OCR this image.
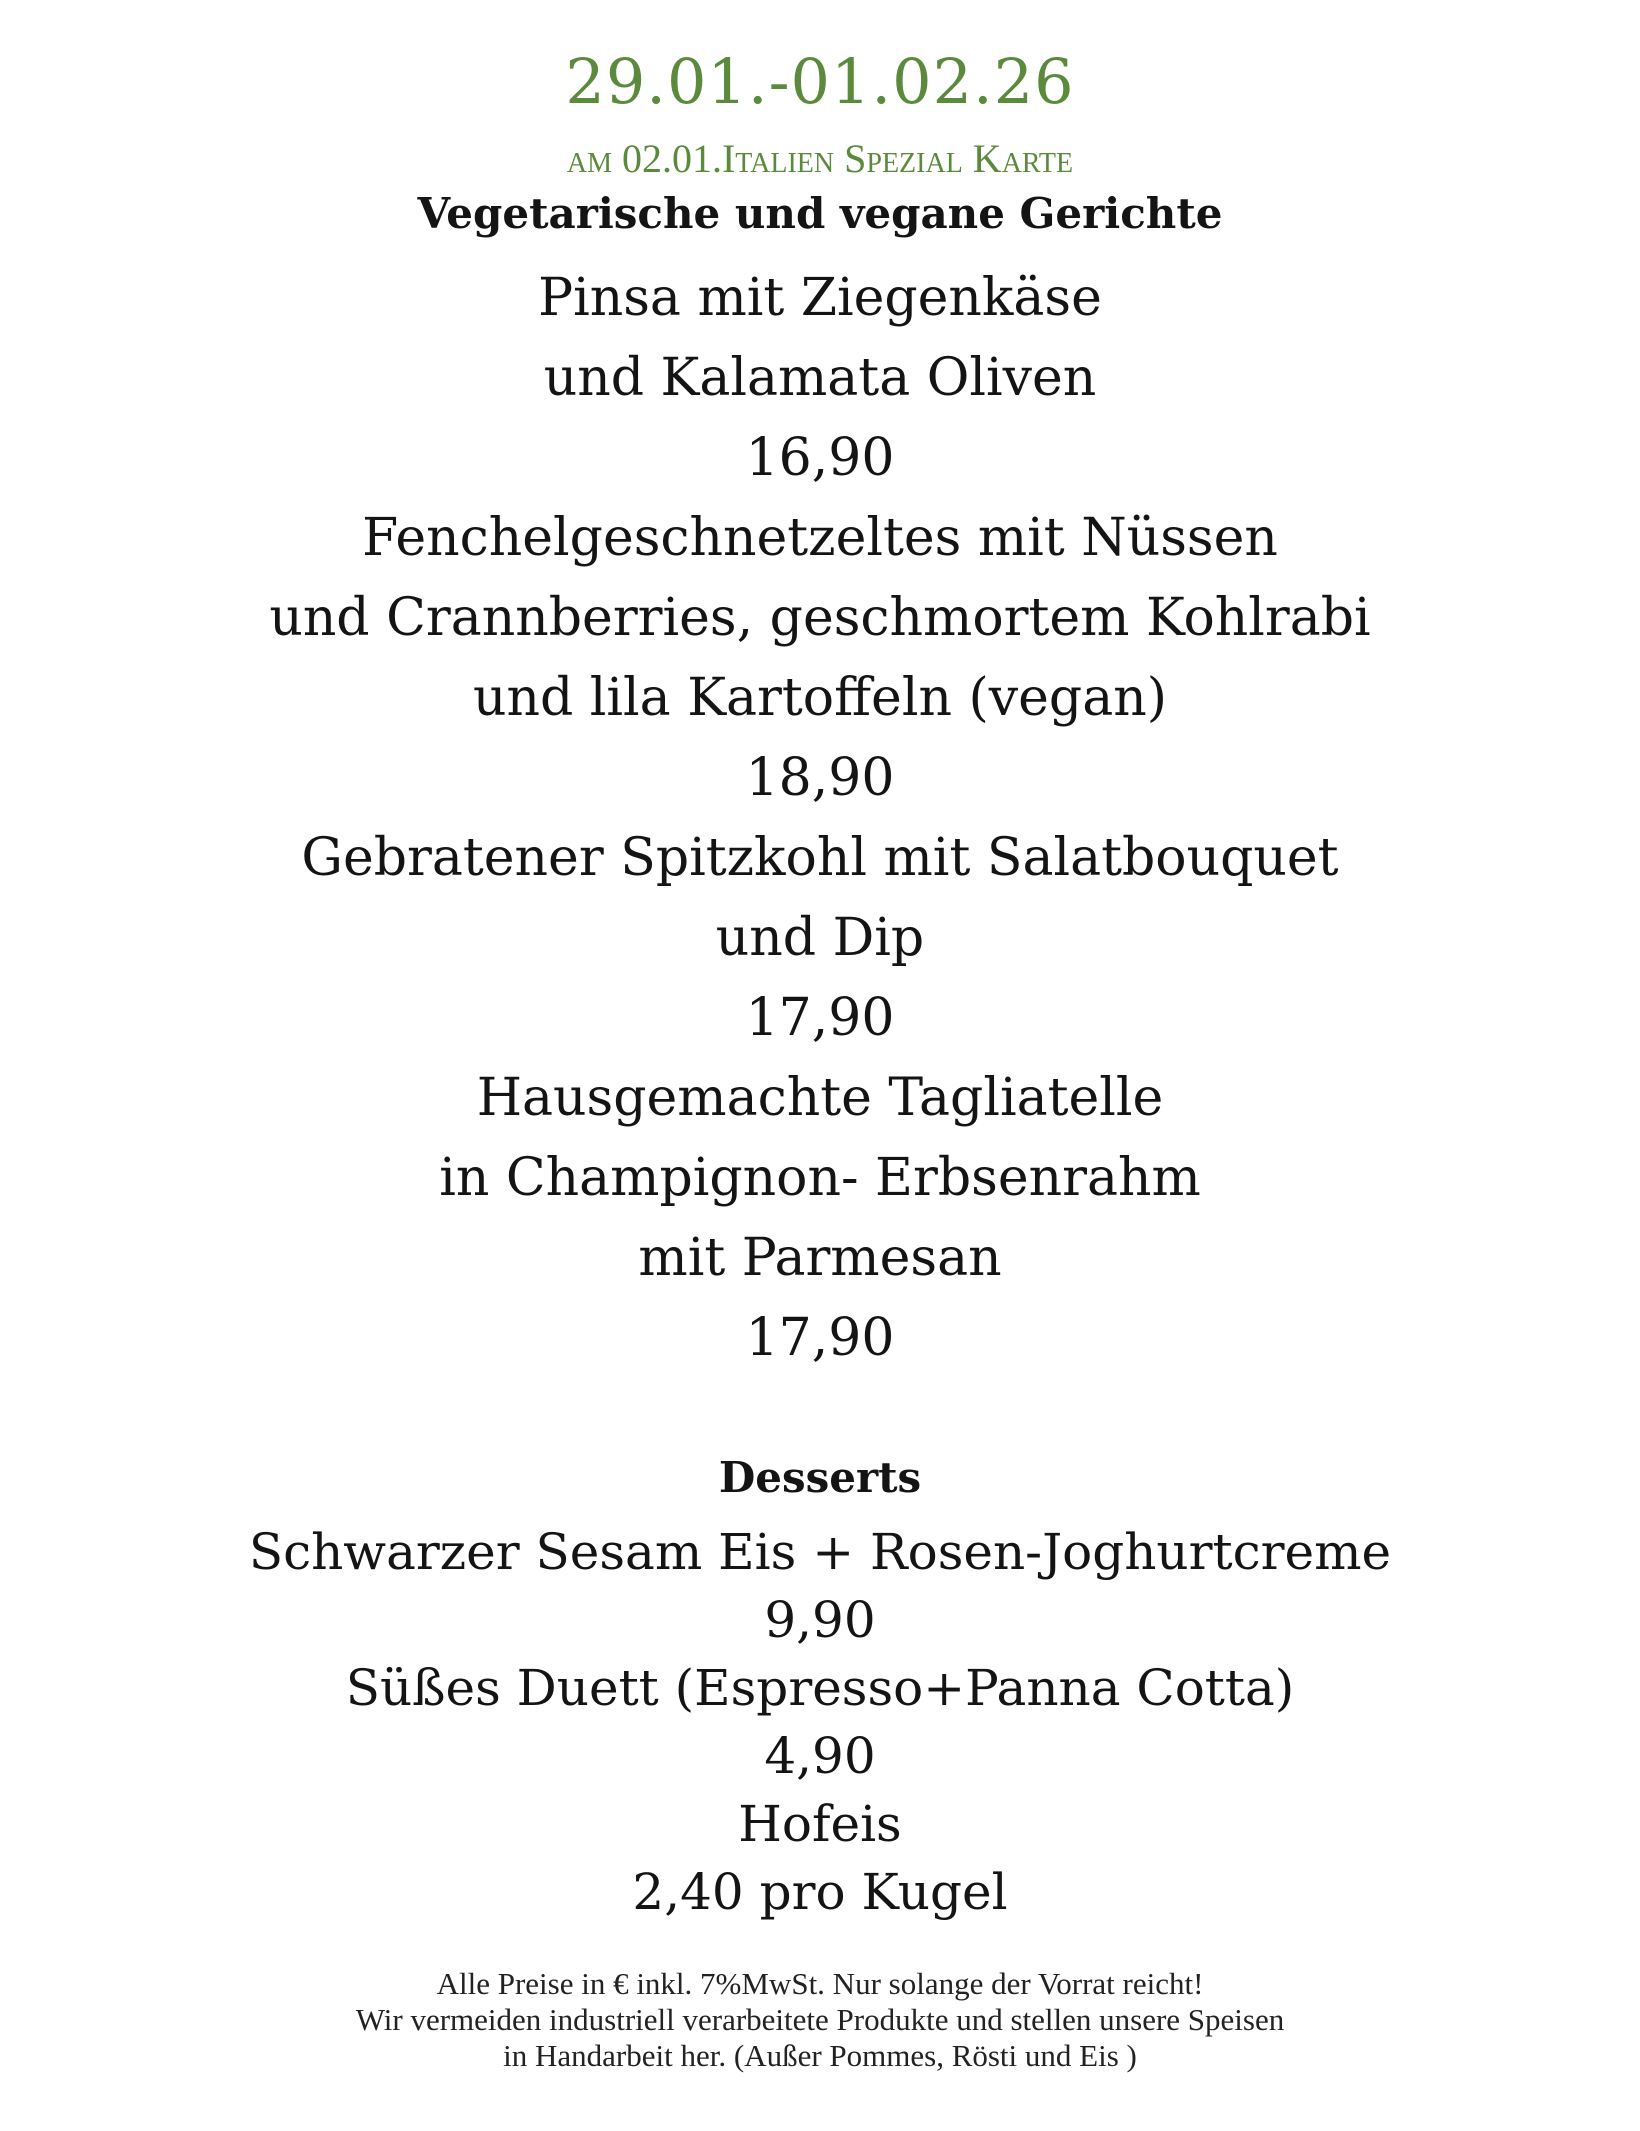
29.01.-01.02.26
am 02.01.Italien Spezial Karte
Vegetarische und vegane Gerichte
Pinsa mit Ziegenkäse
und Kalamata Oliven
16,90
Fenchelgeschnetzeltes mit Nüssen
und Crannberries, geschmortem Kohlrabi
und lila Kartoffeln (vegan)
18,90
Gebratener Spitzkohl mit Salatbouquet
und Dip
17,90
Hausgemachte Tagliatelle
in Champignon- Erbsenrahm
mit Parmesan
17,90
Desserts
Schwarzer Sesam Eis + Rosen-Joghurtcreme
9,90
Süßes Duett (Espresso+Panna Cotta)
4,90
Hofeis
2,40 pro Kugel
Alle Preise in € inkl. 7%MwSt. Nur solange der Vorrat reicht!
Wir vermeiden industriell verarbeitete Produkte und stellen unsere Speisen
in Handarbeit her. (Außer Pommes, Rösti und Eis )
